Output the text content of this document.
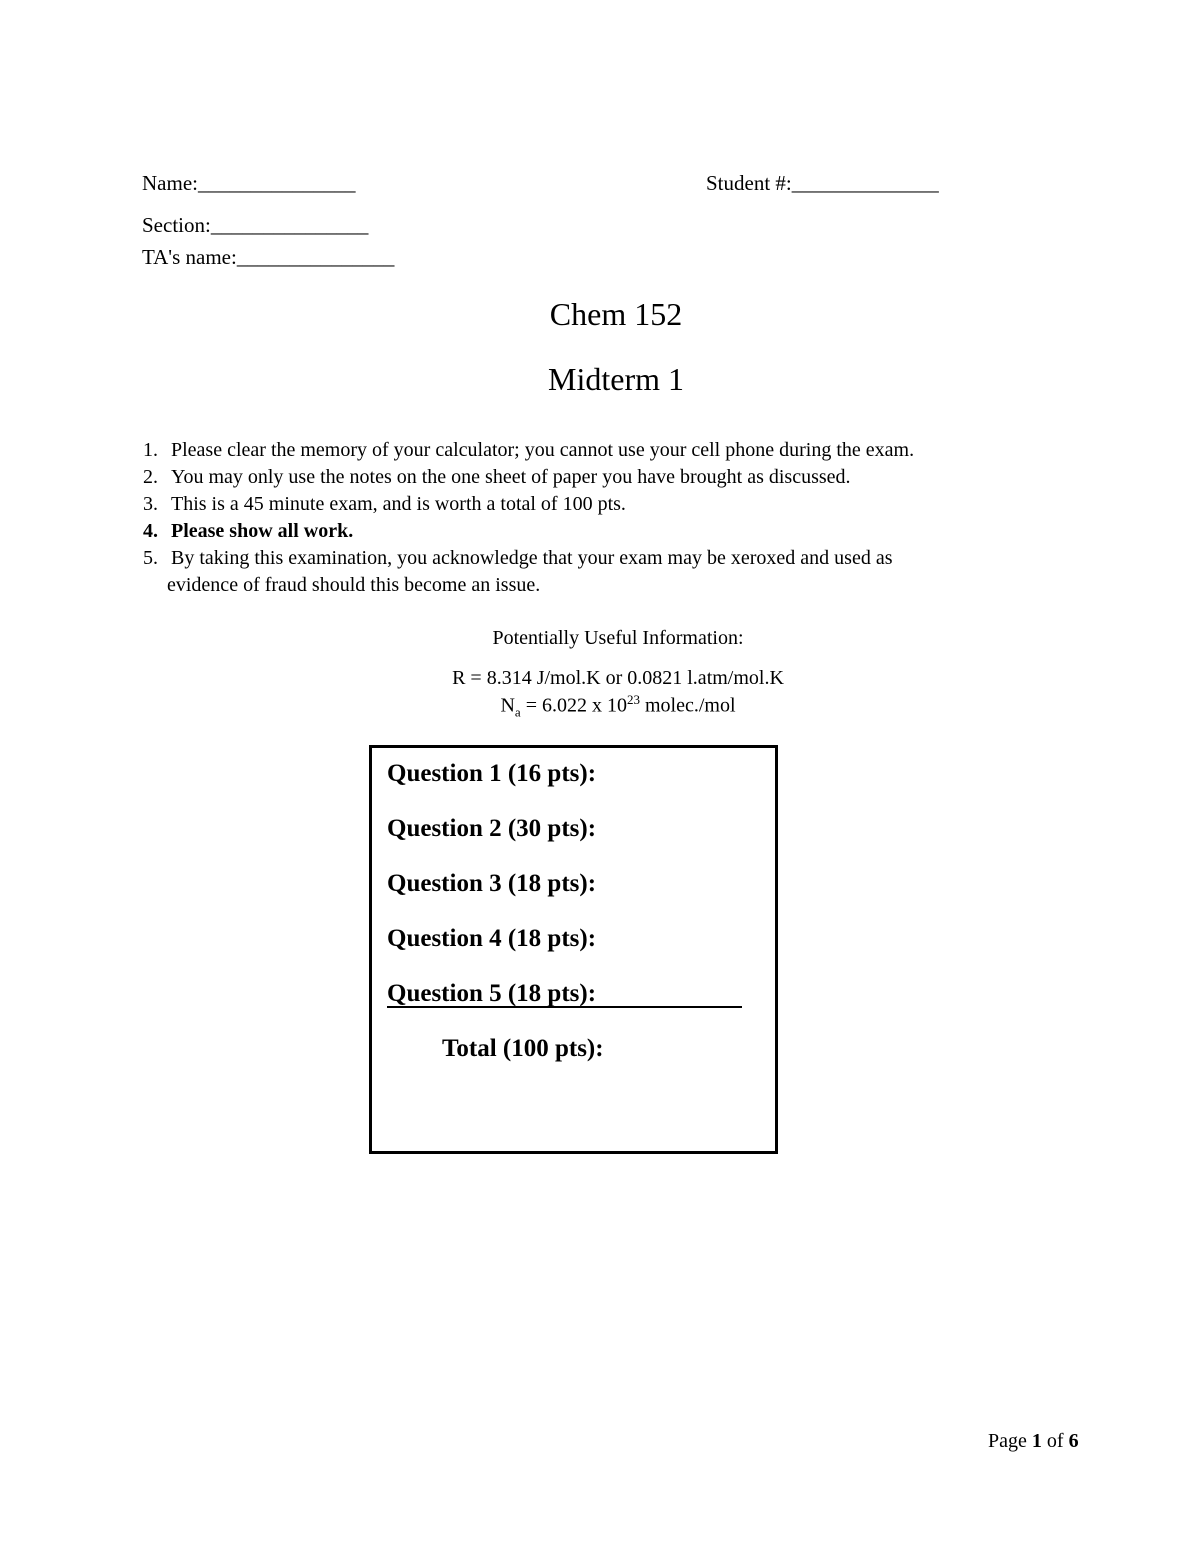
Name:_______________	Student #:______________
Section:_______________
TA's name:_______________
Chem 152
Midterm 1
1. Please clear the memory of your calculator; you cannot use your cell phone during the exam.
2. You may only use the notes on the one sheet of paper you have brought as discussed.
3. This is a 45 minute exam, and is worth a total of 100 pts.
4. Please show all work.
5. By taking this examination, you acknowledge that your exam may be xeroxed and used as
evidence of fraud should this become an issue.
Potentially Useful Information:
R = 8.314 J/mol.K or 0.0821 l.atm/mol.K
$N_a = 6.022$ x $10^{23}$ molec./mol
Question 1 (16 pts):
Question 2 (30 pts):
Question 3 (18 pts):
Question 4 (18 pts):
Question 5 (18 pts):
Total (100 pts):
Page 1 of 6
